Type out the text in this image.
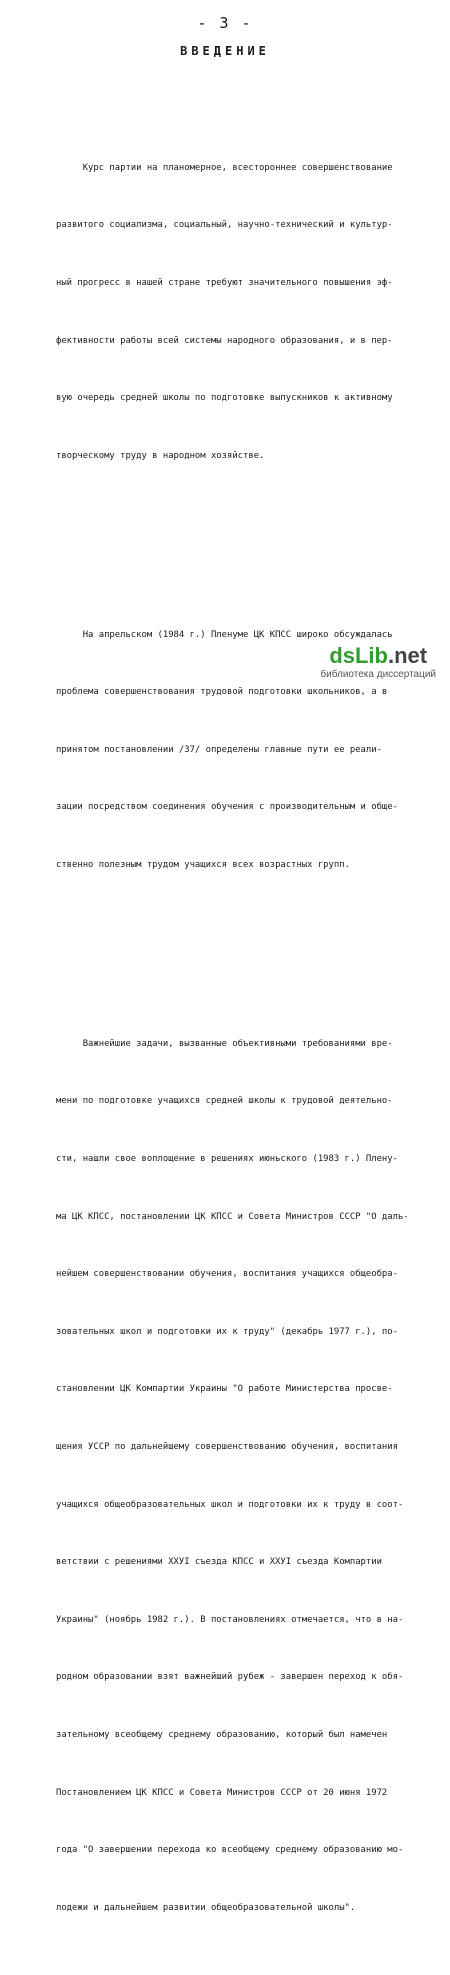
- 3 -
ВВЕДЕНИЕ

Курс партии на планомерное, всестороннее совершенствование

развитого социализма, социальный, научно-технический и культур-

ный прогресс в нашей стране требуют значительного повышения эф-

фективности работы всей системы народного образования, и в пер-

вую очередь средней школы по подготовке выпускников к активному

творческому труду в народном хозяйстве.

На апрельском (1984 г.) Пленуме ЦК КПСС широко обсуждалась

проблема совершенствования трудовой подготовки школьников, а в

принятом постановлении /37/ определены главные пути ее реали-

зации посредством соединения обучения с производительным и обще-

ственно полезным трудом учащихся всех возрастных групп.

Важнейшие задачи, вызванные объективными требованиями вре-

мени по подготовке учащихся средней школы к трудовой деятельно-

сти, нашли свое воплощение в решениях июньского (1983 г.) Плену-

ма ЦК КПСС, постановлении ЦК КПСС и Совета Министров СССР "О даль-

нейшем совершенствовании обучения, воспитания учащихся общеобра-

зовательных школ и подготовки их к труду" (декабрь 1977 г.), по-

становлении ЦК Компартии Украины "О работе Министерства просве-

щения УССР по дальнейшему совершенствованию обучения, воспитания

учащихся общеобразовательных школ и подготовки их к труду в соот-

ветствии с решениями ХХУI съезда КПСС и ХХУI съезда Компартии

Украины" (ноябрь 1982 г.). В постановлениях отмечается, что в на-

родном образовании взят важнейший рубеж - завершен переход к обя-

зательному всеобщему среднему образованию, который был намечен

Постановлением ЦК КПСС и Совета Министров СССР от 20 июня 1972

года "О завершении перехода ко всеобщему среднему образованию мо-

лодежи и дальнейшем развитии общеобразовательной школы".

dsLib.net
библиотека диссертаций
